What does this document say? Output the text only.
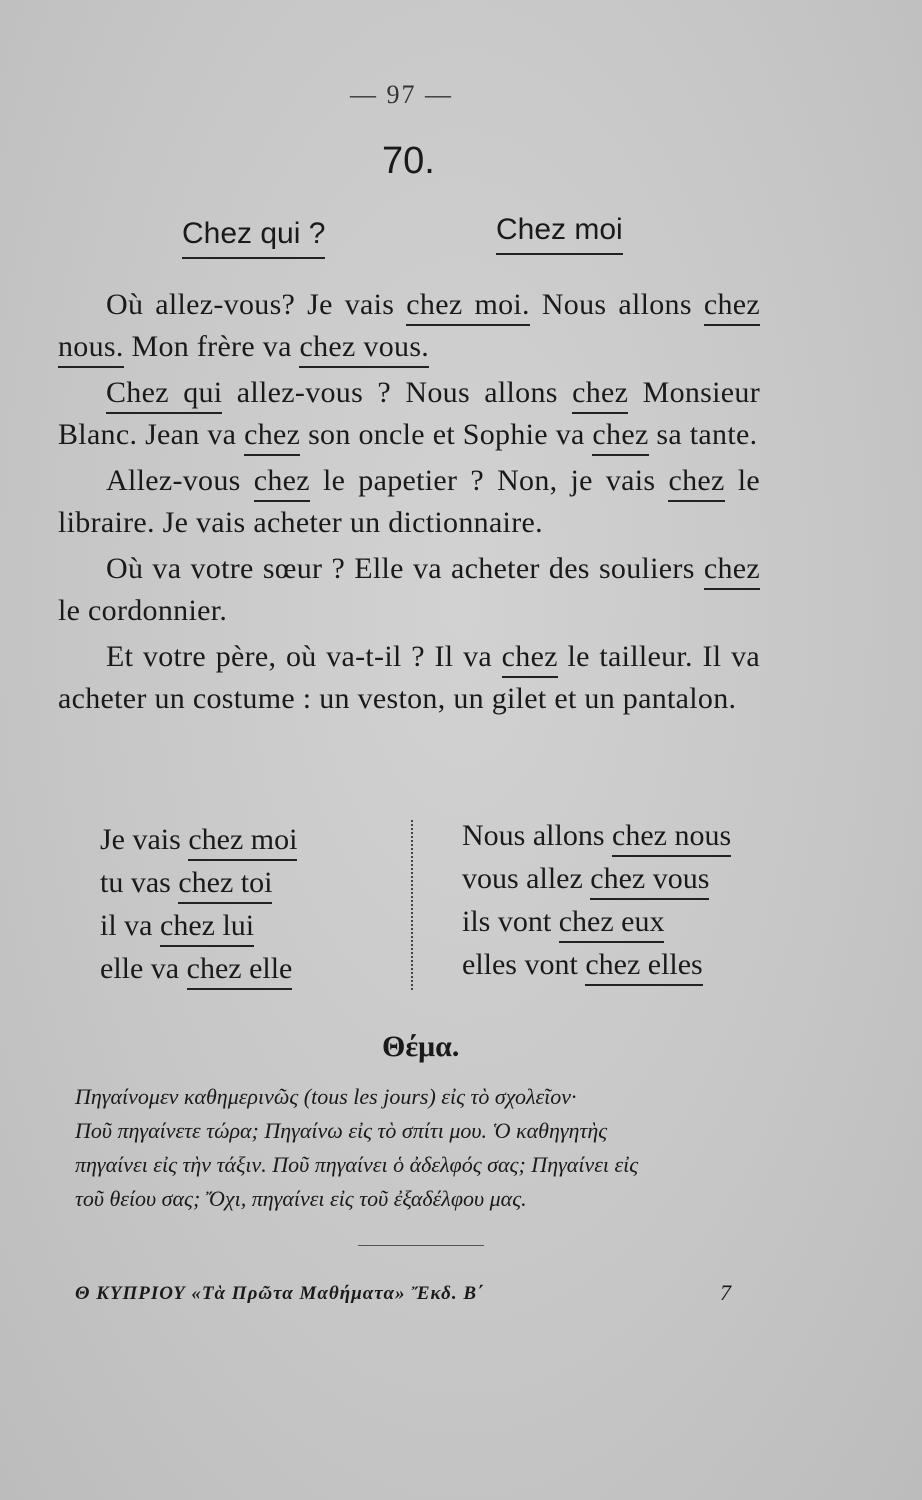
— 97 —
70.
Chez qui ?	Chez moi

Où allez-vous? Je vais chez moi. Nous allons chez nous. Mon frère va chez vous.

Chez qui allez-vous ? Nous allons chez Monsieur Blanc. Jean va chez son oncle et Sophie va chez sa tante.

Allez-vous chez le papetier ? Non, je vais chez le libraire. Je vais acheter un dictionnaire.

Où va votre sœur ? Elle va acheter des souliers chez le cordonnier.

Et votre père, où va-t-il ? Il va chez le tailleur. Il va acheter un costume : un veston, un gilet et un pantalon.

Je vais chez moi
tu vas chez toi
il va chez lui
elle va chez elle
Nous allons chez nous
vous allez chez vous
ils vont chez eux
elles vont chez elles
Θέμα.

Πηγαίνομεν καθημερινῶς (tous les jours) εἰς τὸ σχολεῖον·

Ποῦ πηγαίνετε τώρα; Πηγαίνω εἰς τὸ σπίτι μου. Ὁ καθηγητὴς

πηγαίνει εἰς τὴν τάξιν. Ποῦ πηγαίνει ὁ ἀδελφός σας; Πηγαίνει εἰς

τοῦ θείου σας; Ὄχι, πηγαίνει εἰς τοῦ ἐξαδέλφου μας.

Θ ΚΥΠΡΙΟΥ «Τὰ Πρῶτα Μαθήματα» Ἔκδ. Β΄	7
